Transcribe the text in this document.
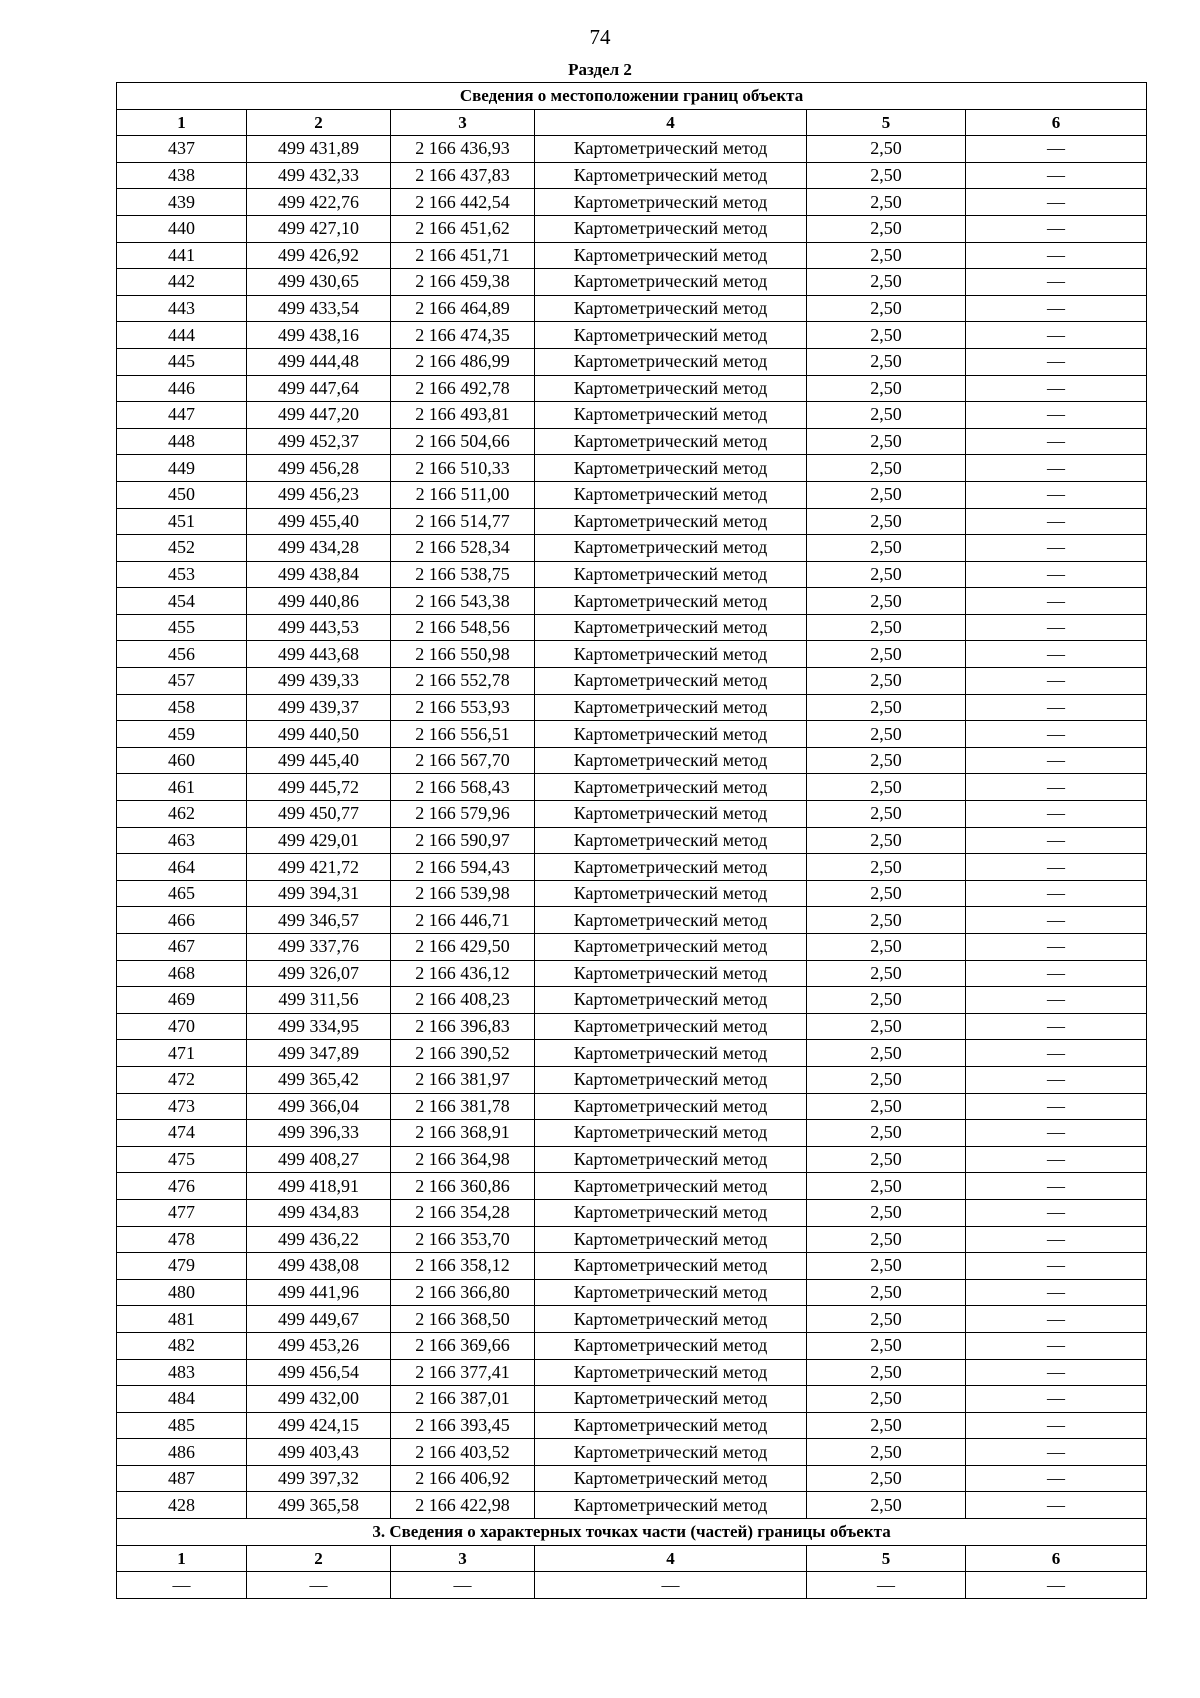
74
Раздел 2
Сведения о местоположении границ объекта					
1	2	3	4	5	6
437	499 431,89	2 166 436,93	Картометрический метод	2,50	—
438	499 432,33	2 166 437,83	Картометрический метод	2,50	—
439	499 422,76	2 166 442,54	Картометрический метод	2,50	—
440	499 427,10	2 166 451,62	Картометрический метод	2,50	—
441	499 426,92	2 166 451,71	Картометрический метод	2,50	—
442	499 430,65	2 166 459,38	Картометрический метод	2,50	—
443	499 433,54	2 166 464,89	Картометрический метод	2,50	—
444	499 438,16	2 166 474,35	Картометрический метод	2,50	—
445	499 444,48	2 166 486,99	Картометрический метод	2,50	—
446	499 447,64	2 166 492,78	Картометрический метод	2,50	—
447	499 447,20	2 166 493,81	Картометрический метод	2,50	—
448	499 452,37	2 166 504,66	Картометрический метод	2,50	—
449	499 456,28	2 166 510,33	Картометрический метод	2,50	—
450	499 456,23	2 166 511,00	Картометрический метод	2,50	—
451	499 455,40	2 166 514,77	Картометрический метод	2,50	—
452	499 434,28	2 166 528,34	Картометрический метод	2,50	—
453	499 438,84	2 166 538,75	Картометрический метод	2,50	—
454	499 440,86	2 166 543,38	Картометрический метод	2,50	—
455	499 443,53	2 166 548,56	Картометрический метод	2,50	—
456	499 443,68	2 166 550,98	Картометрический метод	2,50	—
457	499 439,33	2 166 552,78	Картометрический метод	2,50	—
458	499 439,37	2 166 553,93	Картометрический метод	2,50	—
459	499 440,50	2 166 556,51	Картометрический метод	2,50	—
460	499 445,40	2 166 567,70	Картометрический метод	2,50	—
461	499 445,72	2 166 568,43	Картометрический метод	2,50	—
462	499 450,77	2 166 579,96	Картометрический метод	2,50	—
463	499 429,01	2 166 590,97	Картометрический метод	2,50	—
464	499 421,72	2 166 594,43	Картометрический метод	2,50	—
465	499 394,31	2 166 539,98	Картометрический метод	2,50	—
466	499 346,57	2 166 446,71	Картометрический метод	2,50	—
467	499 337,76	2 166 429,50	Картометрический метод	2,50	—
468	499 326,07	2 166 436,12	Картометрический метод	2,50	—
469	499 311,56	2 166 408,23	Картометрический метод	2,50	—
470	499 334,95	2 166 396,83	Картометрический метод	2,50	—
471	499 347,89	2 166 390,52	Картометрический метод	2,50	—
472	499 365,42	2 166 381,97	Картометрический метод	2,50	—
473	499 366,04	2 166 381,78	Картометрический метод	2,50	—
474	499 396,33	2 166 368,91	Картометрический метод	2,50	—
475	499 408,27	2 166 364,98	Картометрический метод	2,50	—
476	499 418,91	2 166 360,86	Картометрический метод	2,50	—
477	499 434,83	2 166 354,28	Картометрический метод	2,50	—
478	499 436,22	2 166 353,70	Картометрический метод	2,50	—
479	499 438,08	2 166 358,12	Картометрический метод	2,50	—
480	499 441,96	2 166 366,80	Картометрический метод	2,50	—
481	499 449,67	2 166 368,50	Картометрический метод	2,50	—
482	499 453,26	2 166 369,66	Картометрический метод	2,50	—
483	499 456,54	2 166 377,41	Картометрический метод	2,50	—
484	499 432,00	2 166 387,01	Картометрический метод	2,50	—
485	499 424,15	2 166 393,45	Картометрический метод	2,50	—
486	499 403,43	2 166 403,52	Картометрический метод	2,50	—
487	499 397,32	2 166 406,92	Картометрический метод	2,50	—
428	499 365,58	2 166 422,98	Картометрический метод	2,50	—
3. Сведения о характерных точках части (частей) границы объекта					
1	2	3	4	5	6
—	—	—	—	—	—
